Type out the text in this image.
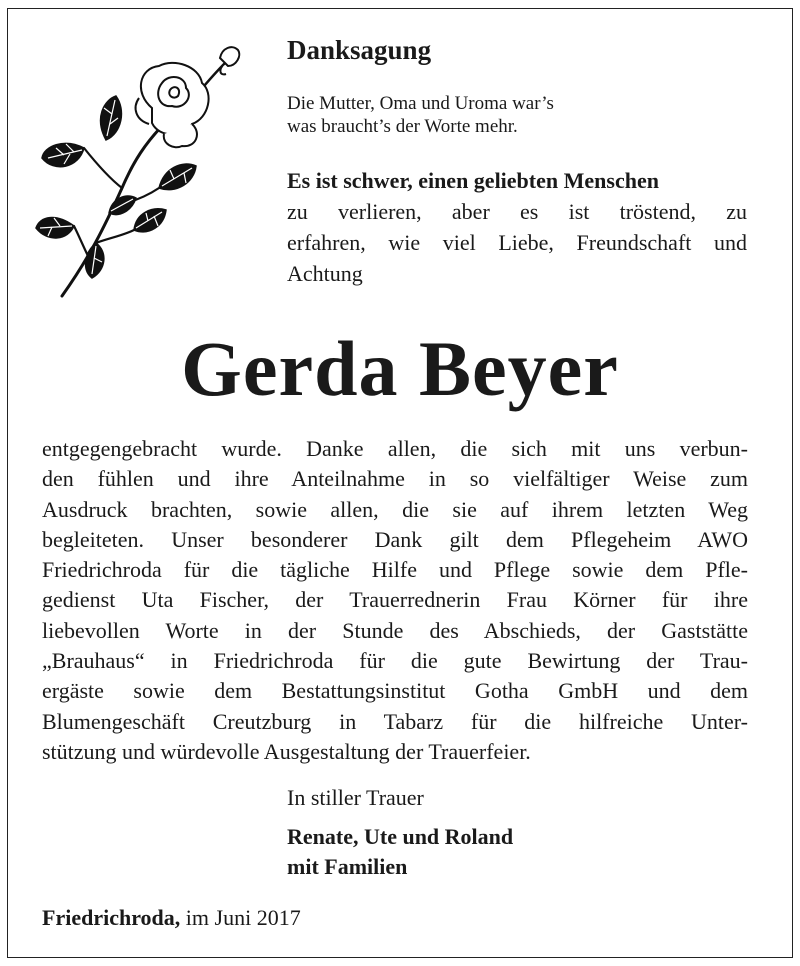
Danksagung
Die Mutter, Oma und Uroma war’s
was braucht’s der Worte mehr.
Es ist schwer, einen geliebten Menschen
zu verlieren, aber es ist tröstend, zu
erfahren, wie viel Liebe, Freundschaft und
Achtung
Gerda Beyer
entgegengebracht wurde. Danke allen, die sich mit uns verbun-
den fühlen und ihre Anteilnahme in so vielfältiger Weise zum
Ausdruck brachten, sowie allen, die sie auf ihrem letzten Weg
begleiteten. Unser besonderer Dank gilt dem Pflegeheim AWO
Friedrichroda für die tägliche Hilfe und Pflege sowie dem Pfle-
gedienst Uta Fischer, der Trauerrednerin Frau Körner für ihre
liebevollen Worte in der Stunde des Abschieds, der Gaststätte
„Brauhaus“ in Friedrichroda für die gute Bewirtung der Trau-
ergäste sowie dem Bestattungsinstitut Gotha GmbH und dem
Blumengeschäft Creutzburg in Tabarz für die hilfreiche Unter-
stützung und würdevolle Ausgestaltung der Trauerfeier.
In stiller Trauer
Renate, Ute und Roland
mit Familien
Friedrichroda, im Juni 2017
